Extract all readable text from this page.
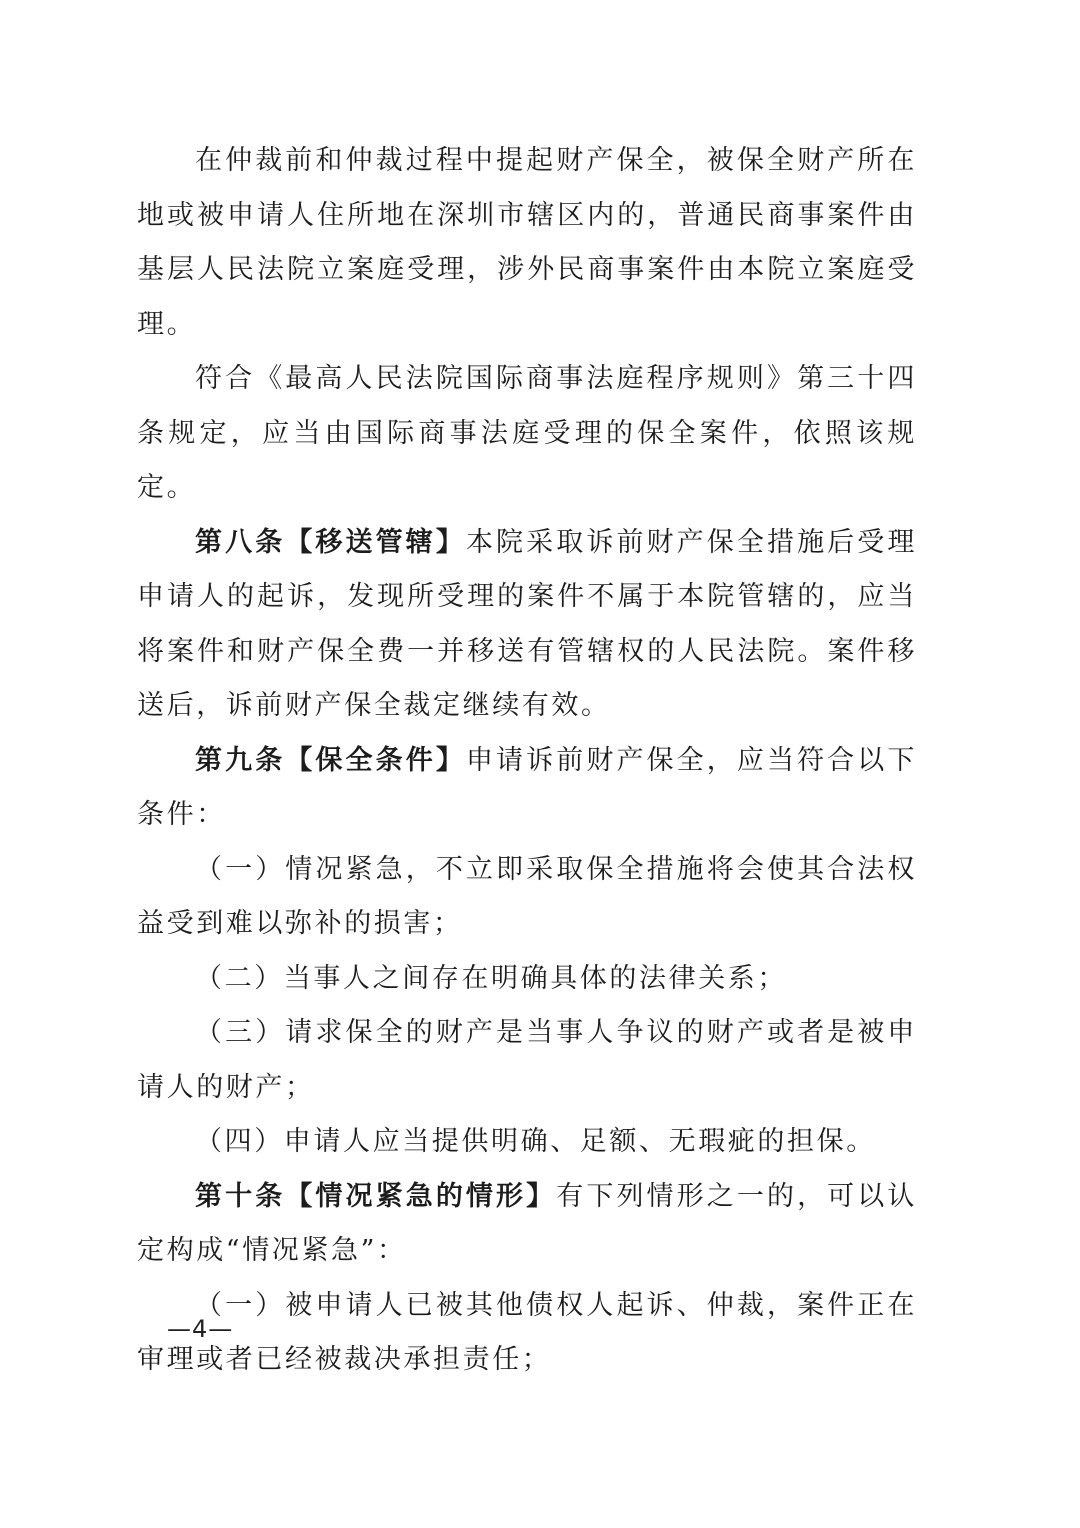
在仲裁前和仲裁过程中提起财产保全，被保全财产所在地或被申请人住所地在深圳市辖区内的，普通民商事案件由基层人民法院立案庭受理，涉外民商事案件由本院立案庭受理。

符合《最高人民法院国际商事法庭程序规则》第三十四条规定，应当由国际商事法庭受理的保全案件，依照该规定。

第八条【移送管辖】本院采取诉前财产保全措施后受理申请人的起诉，发现所受理的案件不属于本院管辖的，应当将案件和财产保全费一并移送有管辖权的人民法院。案件移送后，诉前财产保全裁定继续有效。

第九条【保全条件】申请诉前财产保全，应当符合以下条件：

（一）情况紧急，不立即采取保全措施将会使其合法权益受到难以弥补的损害；

（二）当事人之间存在明确具体的法律关系；

（三）请求保全的财产是当事人争议的财产或者是被申请人的财产；

（四）申请人应当提供明确、足额、无瑕疵的担保。

第十条【情况紧急的情形】有下列情形之一的，可以认定构成“情况紧急”：

（一）被申请人已被其他债权人起诉、仲裁，案件正在审理或者已经被裁决承担责任；

—4—
